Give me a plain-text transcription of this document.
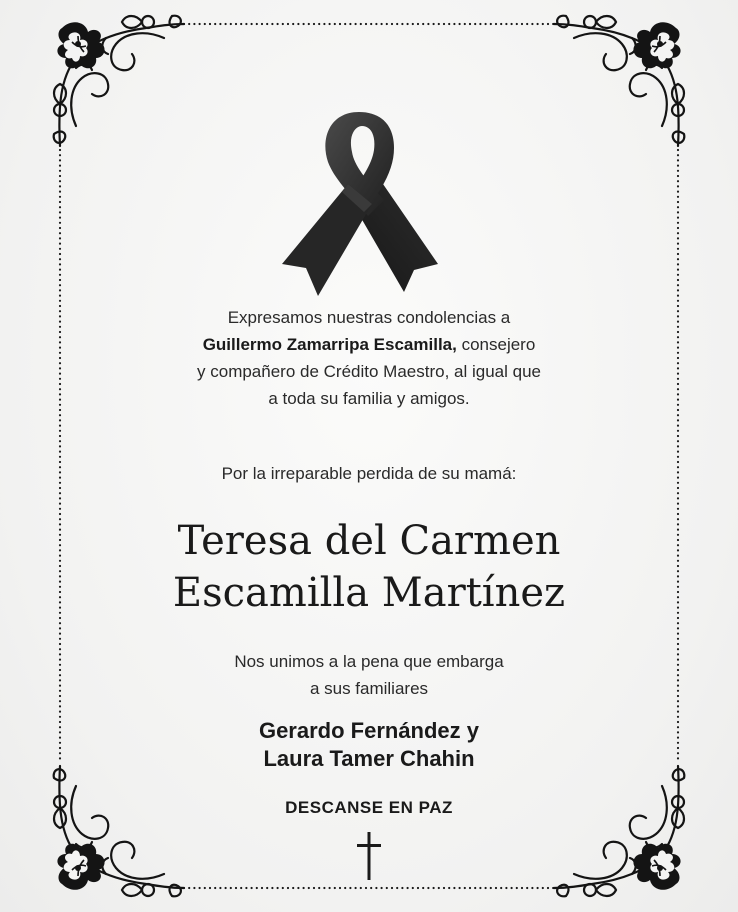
Expresamos nuestras condolencias a
Guillermo Zamarripa Escamilla, consejero
y compañero de Crédito Maestro, al igual que
a toda su familia y amigos.
Por la irreparable perdida de su mamá:
Teresa del Carmen
Escamilla Martínez
Nos unimos a la pena que embarga
a sus familiares
Gerardo Fernández y
Laura Tamer Chahin
DESCANSE EN PAZ
